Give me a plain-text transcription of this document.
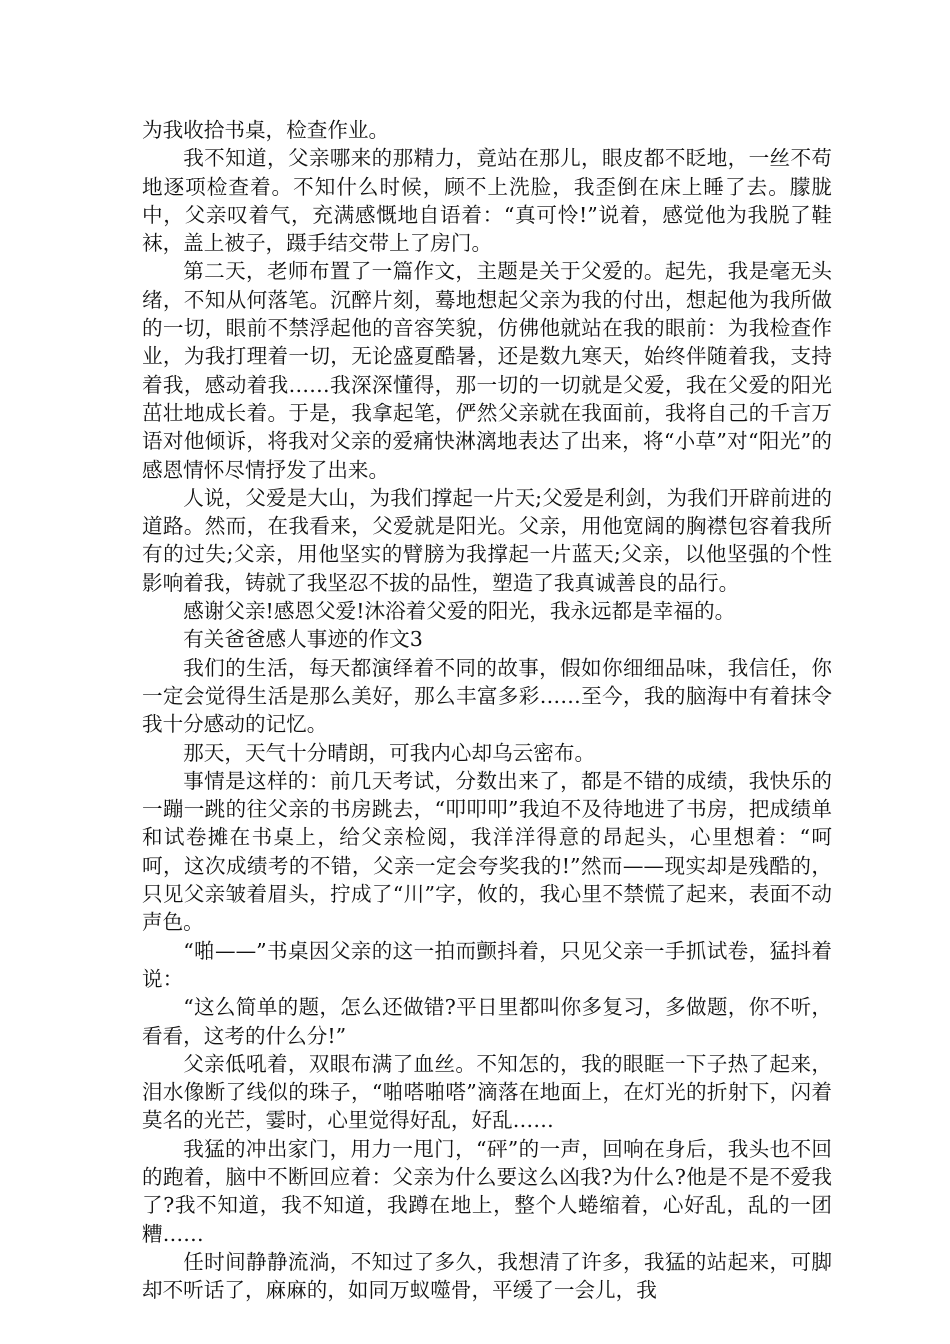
为我收拾书桌，检查作业。

我不知道，父亲哪来的那精力，竟站在那儿，眼皮都不眨地，一丝不苟地逐项检查着。不知什么时候，顾不上洗脸，我歪倒在床上睡了去。朦胧中，父亲叹着气，充满感慨地自语着：“真可怜!”说着，感觉他为我脱了鞋袜，盖上被子，蹑手结交带上了房门。

第二天，老师布置了一篇作文，主题是关于父爱的。起先，我是毫无头绪，不知从何落笔。沉醉片刻，蓦地想起父亲为我的付出，想起他为我所做的一切，眼前不禁浮起他的音容笑貌，仿佛他就站在我的眼前：为我检查作业，为我打理着一切，无论盛夏酷暑，还是数九寒天，始终伴随着我，支持着我，感动着我……我深深懂得，那一切的一切就是父爱，我在父爱的阳光茁壮地成长着。于是，我拿起笔，俨然父亲就在我面前，我将自己的千言万语对他倾诉，将我对父亲的爱痛快淋漓地表达了出来，将“小草”对“阳光”的感恩情怀尽情抒发了出来。

人说，父爱是大山，为我们撑起一片天;父爱是利剑，为我们开辟前进的道路。然而，在我看来，父爱就是阳光。父亲，用他宽阔的胸襟包容着我所有的过失;父亲，用他坚实的臂膀为我撑起一片蓝天;父亲，以他坚强的个性影响着我，铸就了我坚忍不拔的品性，塑造了我真诚善良的品行。

感谢父亲!感恩父爱!沐浴着父爱的阳光，我永远都是幸福的。

有关爸爸感人事迹的作文3

我们的生活，每天都演绎着不同的故事，假如你细细品味，我信任，你一定会觉得生活是那么美好，那么丰富多彩……至今，我的脑海中有着抹令我十分感动的记忆。

那天，天气十分晴朗，可我内心却乌云密布。

事情是这样的：前几天考试，分数出来了，都是不错的成绩，我快乐的一蹦一跳的往父亲的书房跳去，“叩叩叩”我迫不及待地进了书房，把成绩单和试卷摊在书桌上，给父亲检阅，我洋洋得意的昂起头，心里想着：“呵呵，这次成绩考的不错，父亲一定会夸奖我的!”然而——现实却是残酷的，只见父亲皱着眉头，拧成了“川”字，攸的，我心里不禁慌了起来，表面不动声色。

“啪——”书桌因父亲的这一拍而颤抖着，只见父亲一手抓试卷，猛抖着说：

“这么简单的题，怎么还做错?平日里都叫你多复习，多做题，你不听，看看，这考的什么分!”

父亲低吼着，双眼布满了血丝。不知怎的，我的眼眶一下子热了起来，泪水像断了线似的珠子，“啪嗒啪嗒”滴落在地面上，在灯光的折射下，闪着莫名的光芒，霎时，心里觉得好乱，好乱……

我猛的冲出家门，用力一甩门，“砰”的一声，回响在身后，我头也不回的跑着，脑中不断回应着：父亲为什么要这么凶我?为什么?他是不是不爱我了?我不知道，我不知道，我蹲在地上，整个人蜷缩着，心好乱，乱的一团糟……

任时间静静流淌，不知过了多久，我想清了许多，我猛的站起来，可脚却不听话了，麻麻的，如同万蚁噬骨，平缓了一会儿，我
